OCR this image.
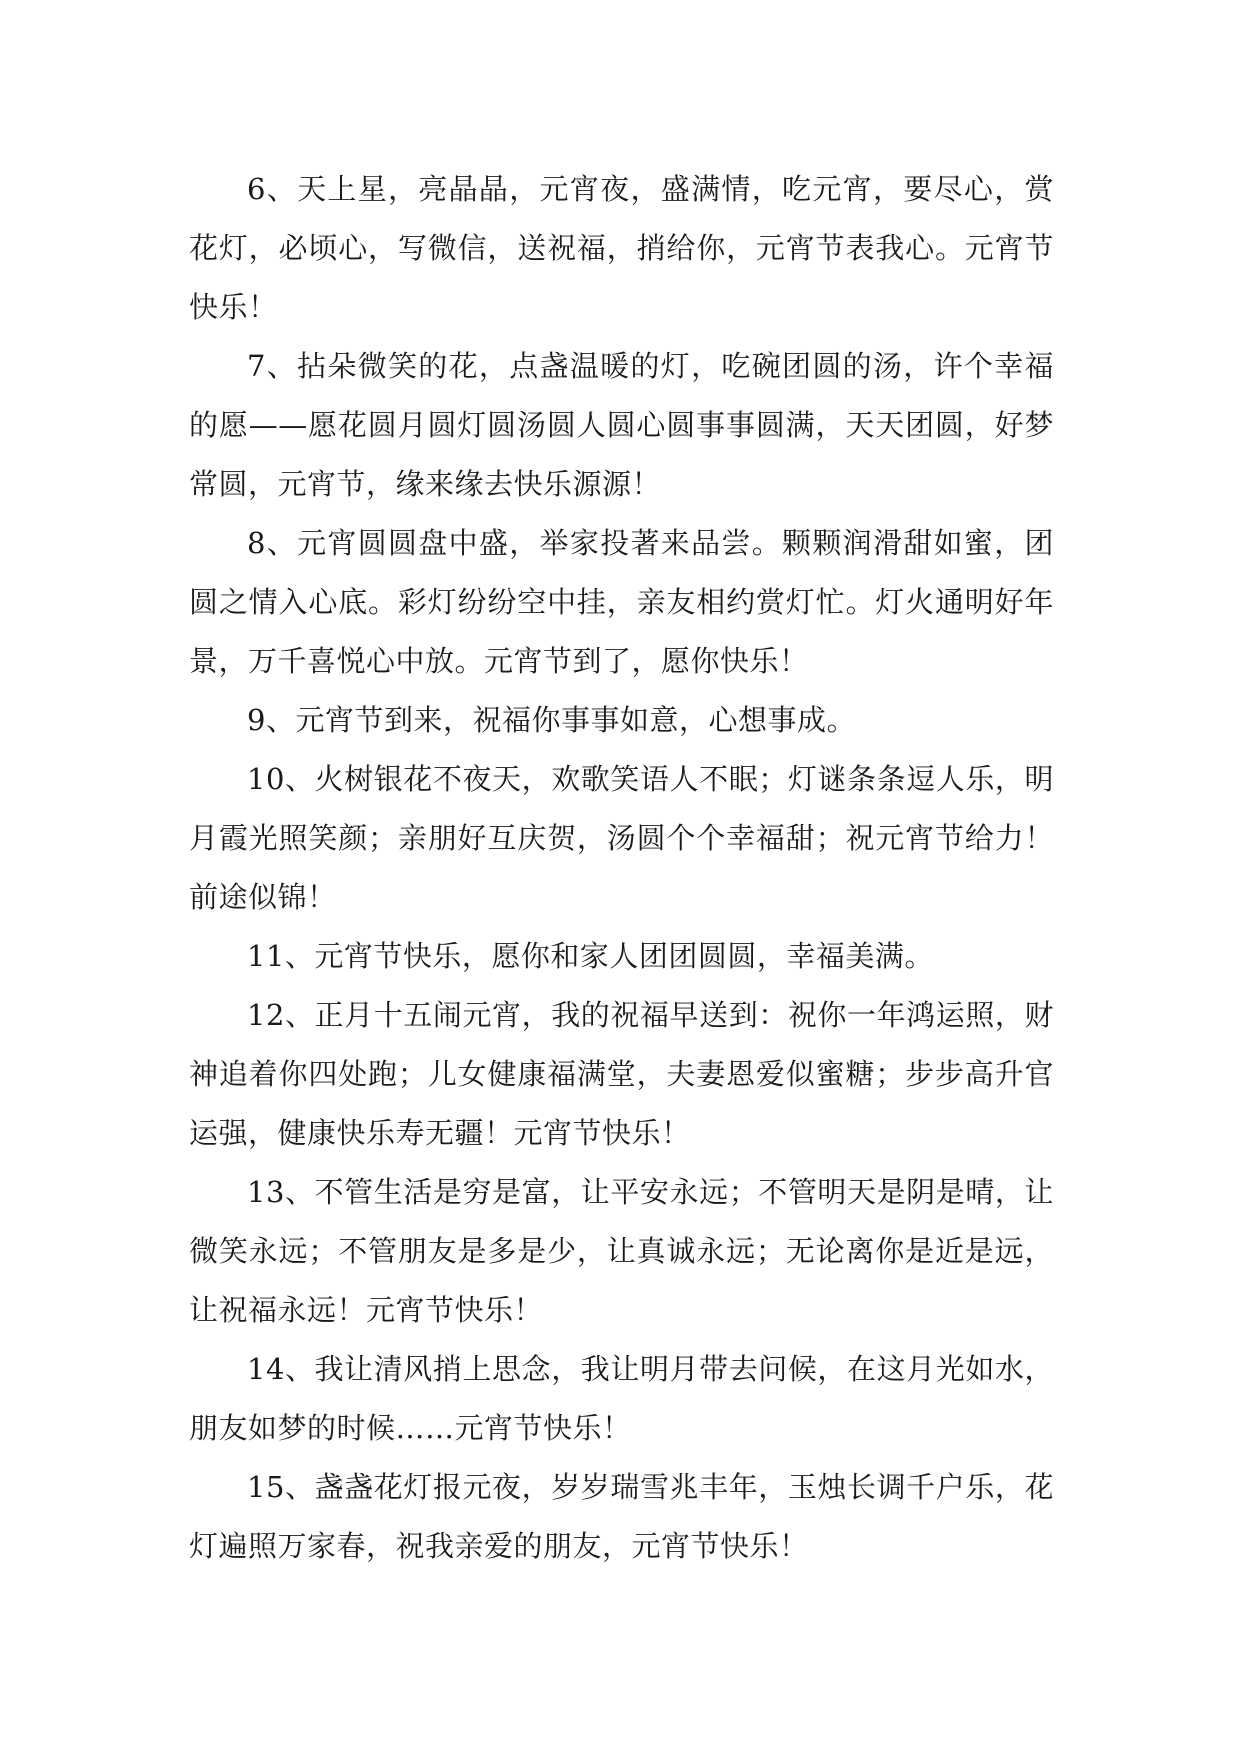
6、天上星，亮晶晶，元宵夜，盛满情，吃元宵，要尽心，赏花灯，必顷心，写微信，送祝福，捎给你，元宵节表我心。元宵节快乐！

7、拈朵微笑的花，点盏温暖的灯，吃碗团圆的汤，许个幸福的愿——愿花圆月圆灯圆汤圆人圆心圆事事圆满，天天团圆，好梦常圆，元宵节，缘来缘去快乐源源！

8、元宵圆圆盘中盛，举家投著来品尝。颗颗润滑甜如蜜，团圆之情入心底。彩灯纷纷空中挂，亲友相约赏灯忙。灯火通明好年景，万千喜悦心中放。元宵节到了，愿你快乐！

9、元宵节到来，祝福你事事如意，心想事成。

10、火树银花不夜天，欢歌笑语人不眠；灯谜条条逗人乐，明月霞光照笑颜；亲朋好互庆贺，汤圆个个幸福甜；祝元宵节给力！前途似锦！

11、元宵节快乐，愿你和家人团团圆圆，幸福美满。

12、正月十五闹元宵，我的祝福早送到：祝你一年鸿运照，财神追着你四处跑；儿女健康福满堂，夫妻恩爱似蜜糖；步步高升官运强，健康快乐寿无疆！元宵节快乐！

13、不管生活是穷是富，让平安永远；不管明天是阴是晴，让微笑永远；不管朋友是多是少，让真诚永远；无论离你是近是远，让祝福永远！元宵节快乐！

14、我让清风捎上思念，我让明月带去问候，在这月光如水，朋友如梦的时候……元宵节快乐！

15、盏盏花灯报元夜，岁岁瑞雪兆丰年，玉烛长调千户乐，花灯遍照万家春，祝我亲爱的朋友，元宵节快乐！
